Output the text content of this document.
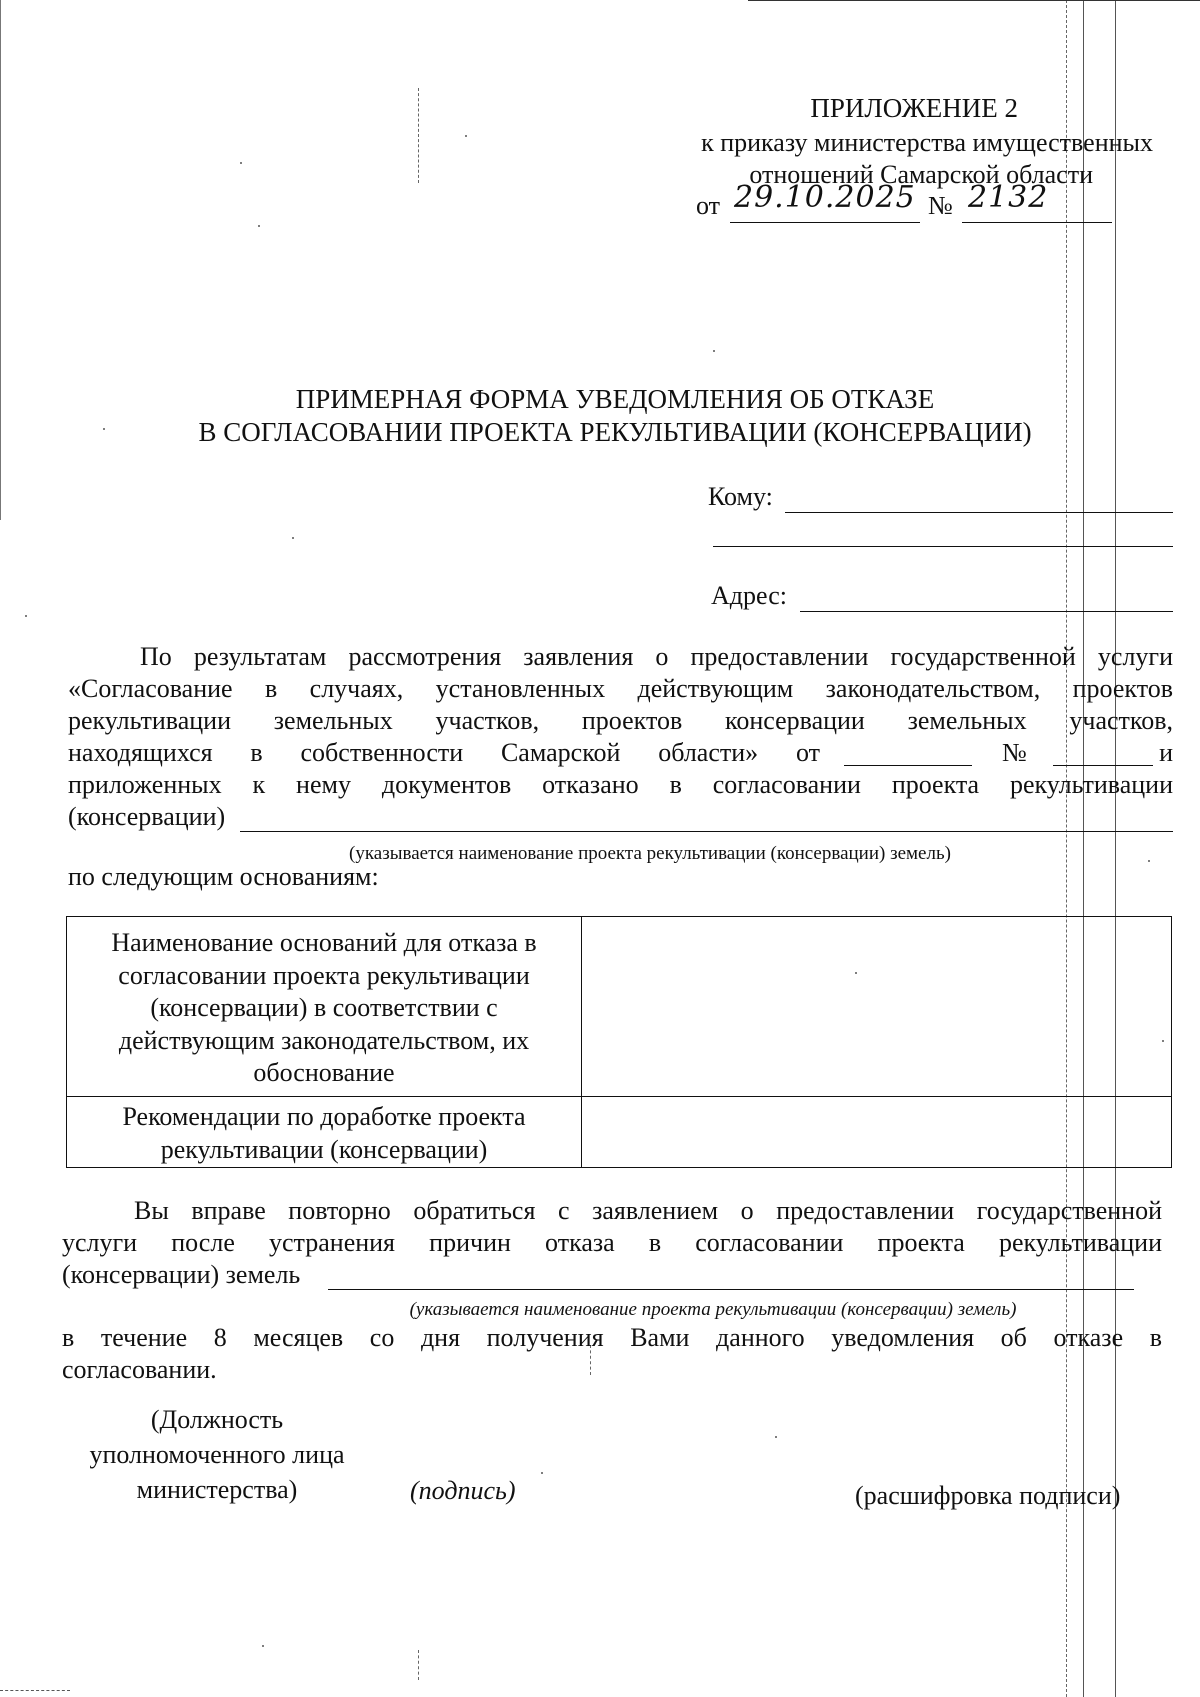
ПРИЛОЖЕНИЕ 2
к приказу министерства имущественных
отношений Самарской области
от 29.10.2025 № 2132
ПРИМЕРНАЯ ФОРМА УВЕДОМЛЕНИЯ ОБ ОТКАЗЕ
В СОГЛАСОВАНИИ ПРОЕКТА РЕКУЛЬТИВАЦИИ (КОНСЕРВАЦИИ)
Кому:
Адрес:
По результатам рассмотрения заявления о предоставлении государственной услуги
«Согласование в случаях, установленных действующим законодательством, проектов
рекультивации земельных участков, проектов консервации земельных участков,
находящихся в собственности Самарской области» от	№	и
приложенных к нему документов отказано в согласовании проекта рекультивации
(консервации)
(указывается наименование проекта рекультивации (консервации) земель)
по следующим основаниям:
Наименование оснований для отказа в согласовании проекта рекультивации (консервации) в соответствии с действующим законодательством, их обоснование	
Рекомендации по доработке проекта рекультивации (консервации)	
Вы вправе повторно обратиться с заявлением о предоставлении государственной
услуги после устранения причин отказа в согласовании проекта рекультивации
(консервации) земель
(указывается наименование проекта рекультивации (консервации) земель)
в течение 8 месяцев со дня получения Вами данного уведомления об отказе в
согласовании.
(Должность
уполномоченного лица
министерства)	(подпись)	(расшифровка подписи)
